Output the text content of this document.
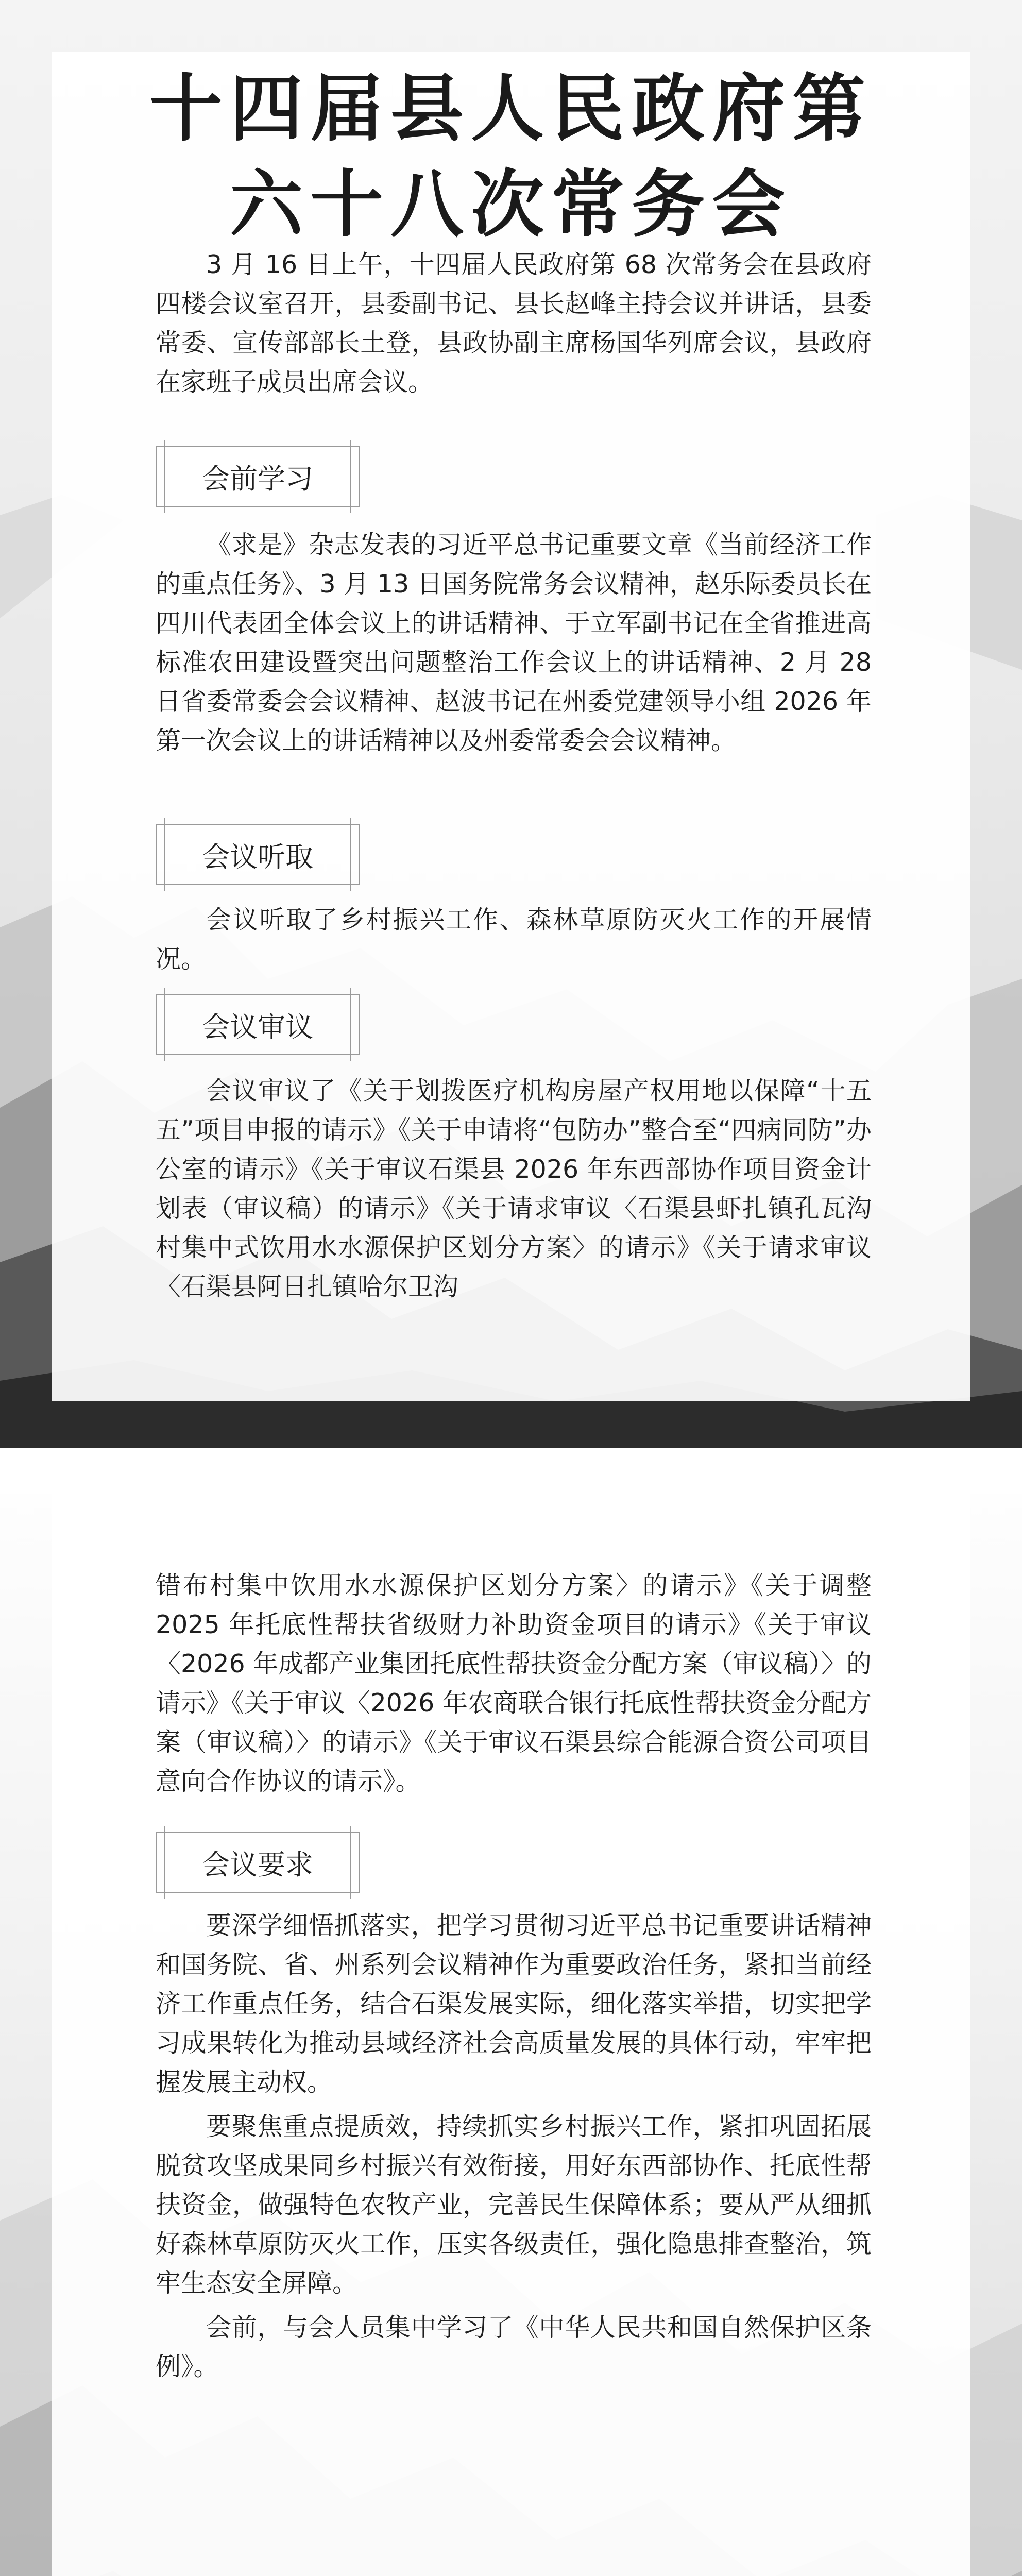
十四届县人民政府第
六十八次常务会

3 月 16 日上午，十四届人民政府第 68 次常务会在县政府四楼会议室召开，县委副书记、县长赵峰主持会议并讲话，县委常委、宣传部部长土登，县政协副主席杨国华列席会议，县政府在家班子成员出席会议。

会前学习

《求是》杂志发表的习近平总书记重要文章《当前经济工作的重点任务》、3 月 13 日国务院常务会议精神，赵乐际委员长在四川代表团全体会议上的讲话精神、于立军副书记在全省推进高标准农田建设暨突出问题整治工作会议上的讲话精神、2 月 28 日省委常委会会议精神、赵波书记在州委党建领导小组 2026 年第一次会议上的讲话精神以及州委常委会会议精神。

会议听取

会议听取了乡村振兴工作、森林草原防灭火工作的开展情况。

会议审议

会议审议了《关于划拨医疗机构房屋产权用地以保障“十五五”项目申报的请示》《关于申请将“包防办”整合至“四病同防”办公室的请示》《关于审议石渠县 2026 年东西部协作项目资金计划表（审议稿）的请示》《关于请求审议〈石渠县虾扎镇孔瓦沟村集中式饮用水水源保护区划分方案〉的请示》《关于请求审议〈石渠县阿日扎镇哈尔卫沟

错布村集中饮用水水源保护区划分方案〉的请示》《关于调整 2025 年托底性帮扶省级财力补助资金项目的请示》《关于审议〈2026 年成都产业集团托底性帮扶资金分配方案（审议稿）〉的请示》《关于审议〈2026 年农商联合银行托底性帮扶资金分配方案（审议稿）〉的请示》《关于审议石渠县综合能源合资公司项目意向合作协议的请示》。

会议要求

要深学细悟抓落实，把学习贯彻习近平总书记重要讲话精神和国务院、省、州系列会议精神作为重要政治任务，紧扣当前经济工作重点任务，结合石渠发展实际，细化落实举措，切实把学习成果转化为推动县域经济社会高质量发展的具体行动，牢牢把握发展主动权。

要聚焦重点提质效，持续抓实乡村振兴工作，紧扣巩固拓展脱贫攻坚成果同乡村振兴有效衔接，用好东西部协作、托底性帮扶资金，做强特色农牧产业，完善民生保障体系；要从严从细抓好森林草原防灭火工作，压实各级责任，强化隐患排查整治，筑牢生态安全屏障。

会前，与会人员集中学习了《中华人民共和国自然保护区条例》。
